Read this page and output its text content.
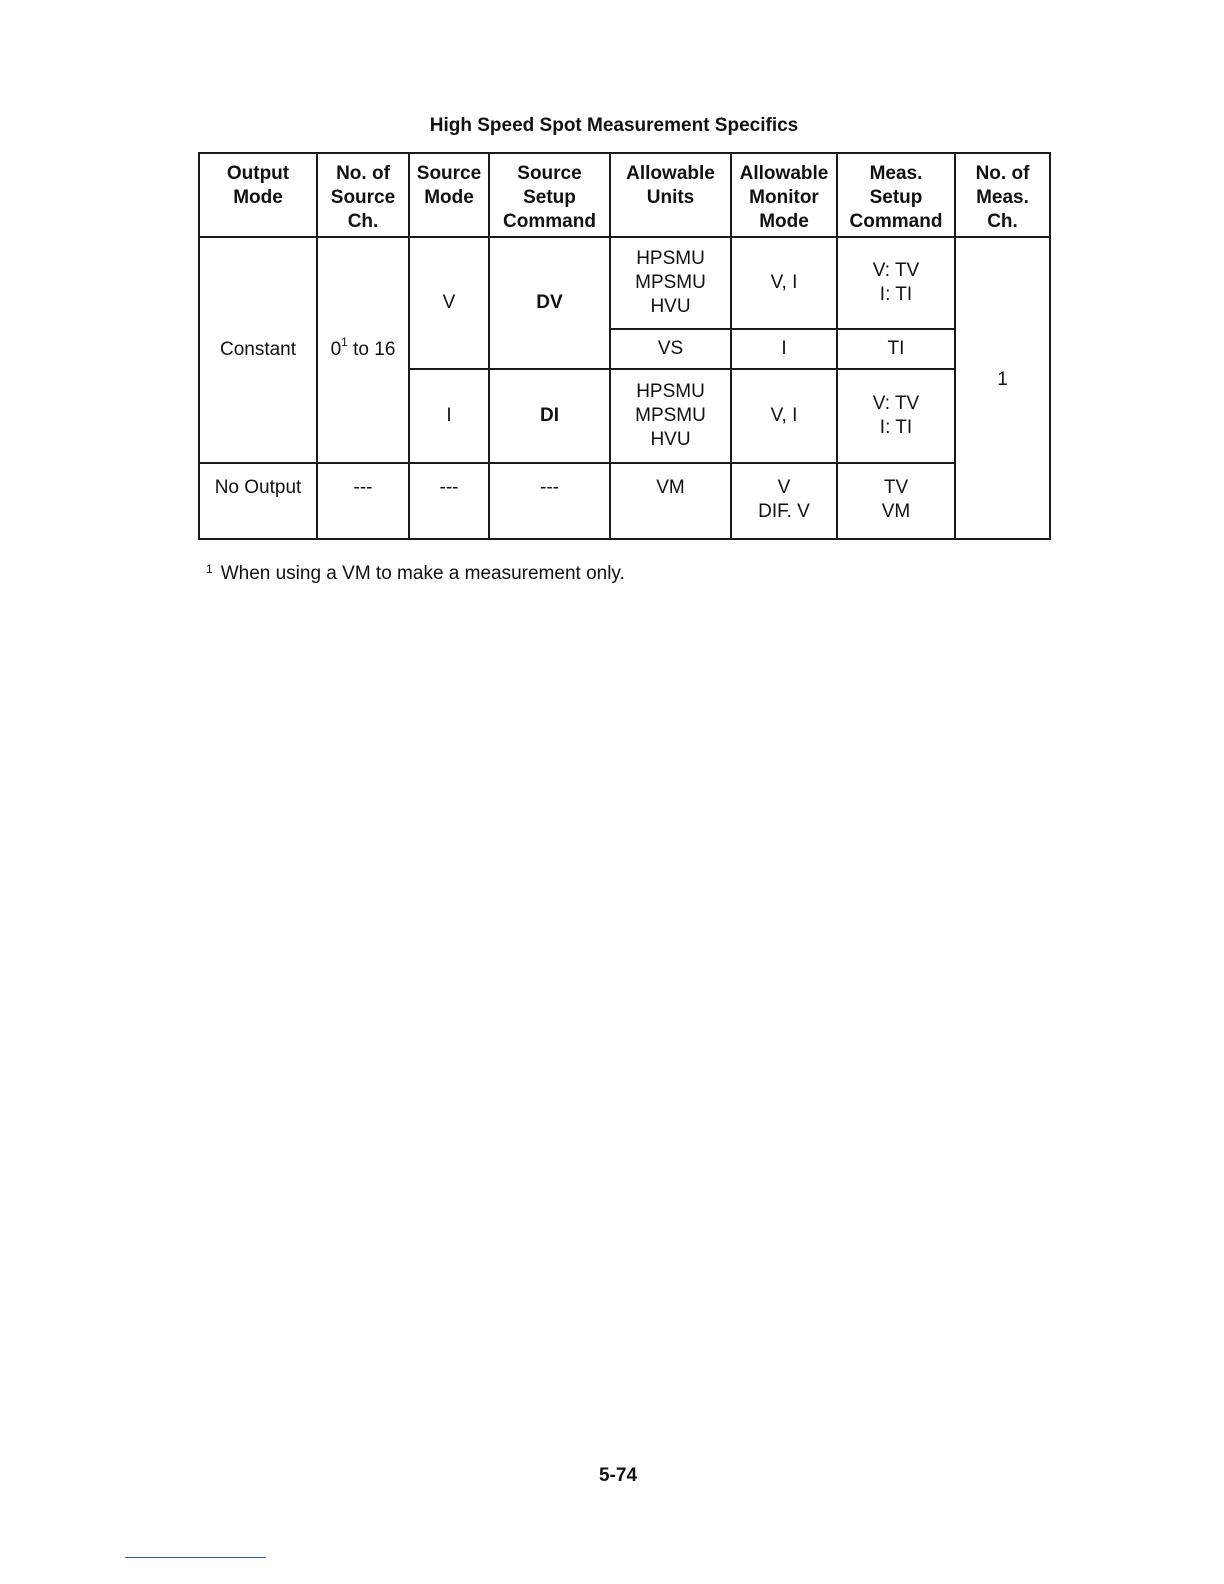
High Speed Spot Measurement Specifics
Output
Mode	No. of
Source
Ch.	Source
Mode	Source
Setup
Command	Allowable
Units	Allowable
Monitor
Mode	Meas.
Setup
Command	No. of
Meas.
Ch.

Constant	$0^1$ to 16	V	DV	HPSMU
MPSMU
HVU	V, I	V: TV
I: TI	1
				VS	I	TI	
		I	DI	HPSMU
MPSMU
HVU	V, I	V: TV
I: TI	

No Output	---	---	---	VM	V
DIF. V	TV
VM	
$^1$ When using a VM to make a measurement only.
5-74
